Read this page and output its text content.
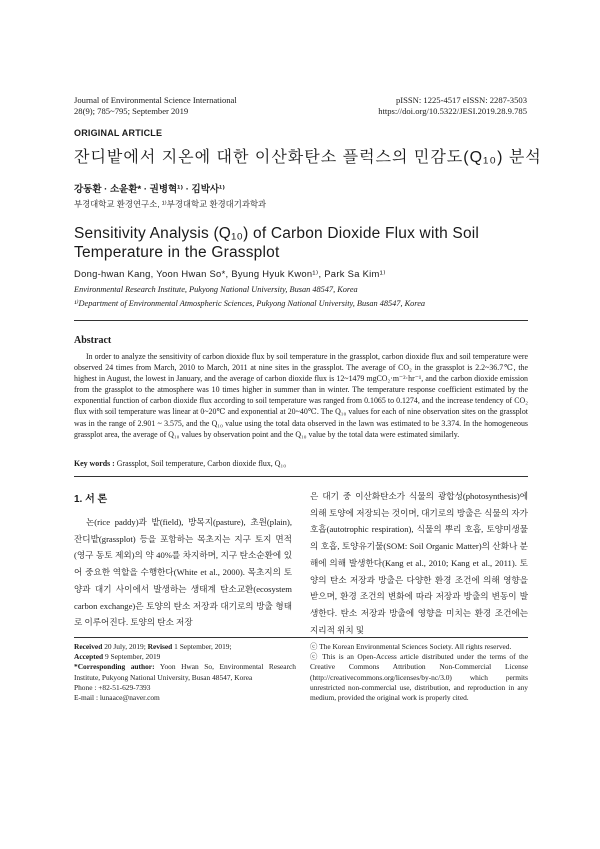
Journal of Environmental Science International
28(9); 785~795; September 2019
pISSN: 1225-4517 eISSN: 2287-3503
https://doi.org/10.5322/JESI.2019.28.9.785
ORIGINAL ARTICLE
잔디밭에서 지온에 대한 이산화탄소 플럭스의 민감도(Q₁₀) 분석
강동환 · 소윤환* · 권병혁¹⁾ · 김박사¹⁾
부경대학교 환경연구소, ¹⁾부경대학교 환경대기과학과
Sensitivity Analysis (Q₁₀) of Carbon Dioxide Flux with Soil Temperature in the Grassplot
Dong-hwan Kang, Yoon Hwan So*, Byung Hyuk Kwon¹⁾, Park Sa Kim¹⁾
Environmental Research Institute, Pukyong National University, Busan 48547, Korea
¹⁾Department of Environmental Atmospheric Sciences, Pukyong National University, Busan 48547, Korea
Abstract
In order to analyze the sensitivity of carbon dioxide flux by soil temperature in the grassplot, carbon dioxide flux and soil temperature were observed 24 times from March, 2010 to March, 2011 at nine sites in the grassplot. The average of CO₂ in the grassplot is 2.2~36.7℃, the highest in August, the lowest in January, and the average of carbon dioxide flux is 12~1479 mgCO₂·m⁻²·hr⁻¹, and the carbon dioxide emission from the grassplot to the atmosphere was 10 times higher in summer than in winter. The temperature response coefficient estimated by the exponential function of carbon dioxide flux according to soil temperature was ranged from 0.1065 to 0.1274, and the increase tendency of CO₂ flux with soil temperature was linear at 0~20℃ and exponential at 20~40℃. The Q₁₀ values for each of nine observation sites on the grassplot was in the range of 2.901 ~ 3.575, and the Q₁₀ value using the total data observed in the lawn was estimated to be 3.374. In the homogeneous grassplot area, the average of Q₁₀ values by observation point and the Q₁₀ value by the total data were estimated similarly.
Key words : Grassplot, Soil temperature, Carbon dioxide flux, Q₁₀
1. 서 론
논(rice paddy)과 밭(field), 방목지(pasture), 초원(plain), 잔디밭(grassplot) 등을 포함하는 목초지는 지구 토지 면적(영구 동토 제외)의 약 40%를 차지하며, 지구 탄소순환에 있어 중요한 역할을 수행한다(White et al., 2000). 목초지의 토양과 대기 사이에서 발생하는 생태계 탄소교환(ecosystem carbon exchange)은 토양의 탄소 저장과 대기로의 방출 형태로 이루어진다. 토양의 탄소 저장
은 대기 중 이산화탄소가 식물의 광합성(photosynthesis)에 의해 토양에 저장되는 것이며, 대기로의 방출은 식물의 자가호흡(autotrophic respiration), 식물의 뿌리 호흡, 토양미생물의 호흡, 토양유기물(SOM: Soil Organic Matter)의 산화나 분해에 의해 발생한다(Kang et al., 2010; Kang et al., 2011). 토양의 탄소 저장과 방출은 다양한 환경 조건에 의해 영향을 받으며, 환경 조건의 변화에 따라 저장과 방출의 변동이 발생한다. 탄소 저장과 방출에 영향을 미치는 환경 조건에는 지리적 위치 및
Received 20 July, 2019; Revised 1 September, 2019;
Accepted 9 September, 2019
*Corresponding author: Yoon Hwan So, Environmental Research Institute, Pukyong National University, Busan 48547, Korea
Phone : +82-51-629-7393
E-mail : lunaace@naver.com
ⓒ The Korean Environmental Sciences Society. All rights reserved.
ⓒ This is an Open-Access article distributed under the terms of the Creative Commons Attribution Non-Commercial License (http://creativecommons.org/licenses/by-nc/3.0) which permits unrestricted non-commercial use, distribution, and reproduction in any medium, provided the original work is properly cited.
